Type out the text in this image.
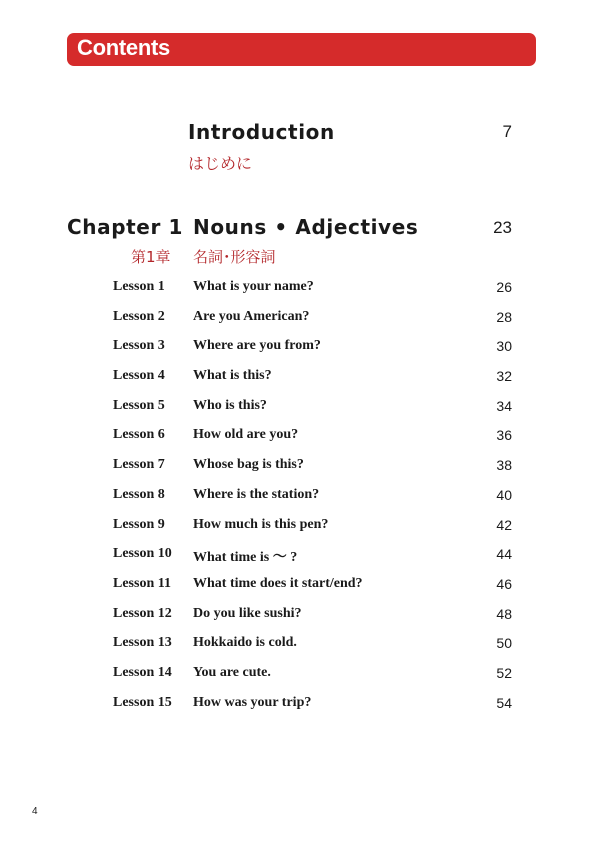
Contents
Introduction	7
はじめに
Chapter 1 Nouns • Adjectives	23
第1章 名詞･形容詞
Lesson 1 What is your name?	26
Lesson 2 Are you American?	28
Lesson 3 Where are you from?	30
Lesson 4 What is this?	32
Lesson 5 Who is this?	34
Lesson 6 How old are you?	36
Lesson 7 Whose bag is this?	38
Lesson 8 Where is the station?	40
Lesson 9 How much is this pen?	42
Lesson 10 What time is ～ ?	44
Lesson 11 What time does it start/end?	46
Lesson 12 Do you like sushi?	48
Lesson 13 Hokkaido is cold.	50
Lesson 14 You are cute.	52
Lesson 15 How was your trip?	54
4
